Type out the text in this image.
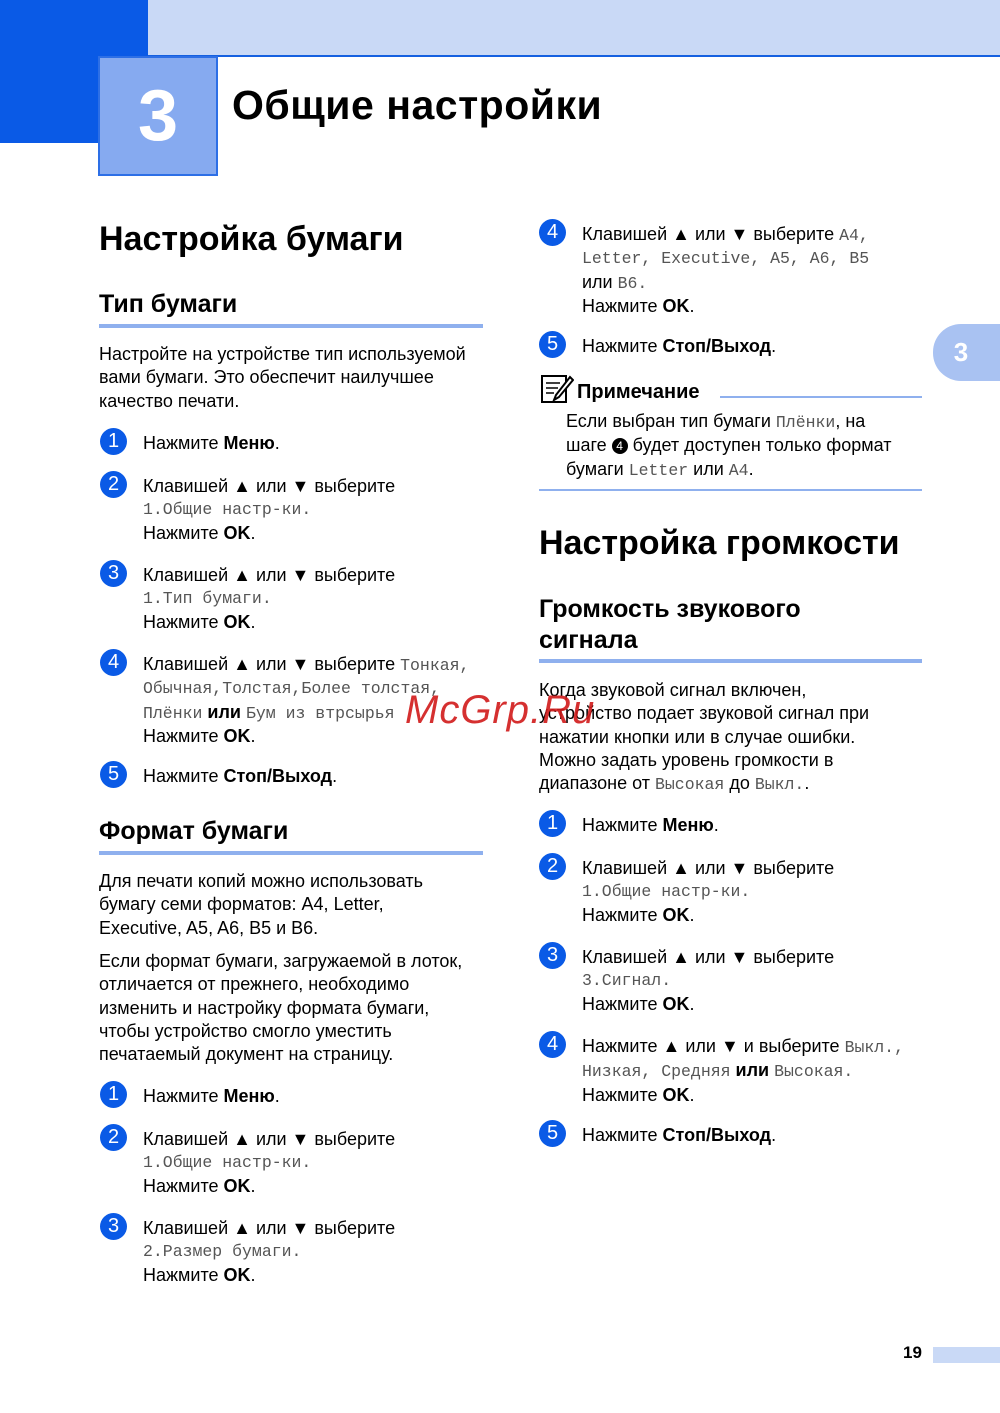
3	Общие настройки
3
Настройка бумаги
Тип бумаги
Настройте на устройстве тип используемой
вами бумаги. Это обеспечит наилучшее
качество печати.
1	Нажмите Меню.
2	Клавишей ▲ или ▼ выберите
1.Общие настр-ки.
Нажмите OK.
3	Клавишей ▲ или ▼ выберите
1.Тип бумаги.
Нажмите OK.
4	Клавишей ▲ или ▼ выберите Тонкая,
Обычная,Толстая,Более толстая,
Плёнки или Бум из втрсырья
Нажмите OK.
5	Нажмите Стоп/Выход.
Формат бумаги
Для печати копий можно использовать
бумагу семи форматов: A4, Letter,
Executive, A5, A6, B5 и B6.
Если формат бумаги, загружаемой в лоток,
отличается от прежнего, необходимо
изменить и настройку формата бумаги,
чтобы устройство смогло уместить
печатаемый документ на страницу.
1	Нажмите Меню.
2	Клавишей ▲ или ▼ выберите
1.Общие настр-ки.
Нажмите OK.
3	Клавишей ▲ или ▼ выберите
2.Размер бумаги.
Нажмите OK.
4	Клавишей ▲ или ▼ выберите A4,
Letter, Executive, A5, A6, B5
или B6.
Нажмите OK.
5	Нажмите Стоп/Выход.
Примечание
Если выбран тип бумаги Плёнки, на
шаге 4 будет доступен только формат
бумаги Letter или A4.
Настройка громкости
Громкость звукового
сигнала
Когда звуковой сигнал включен,
устройство подает звуковой сигнал при
нажатии кнопки или в случае ошибки.
Можно задать уровень громкости в
диапазоне от Высокая до Выкл..
1	Нажмите Меню.
2	Клавишей ▲ или ▼ выберите
1.Общие настр-ки.
Нажмите OK.
3	Клавишей ▲ или ▼ выберите
3.Сигнал.
Нажмите OK.
4	Нажмите ▲ или ▼ и выберите Выкл.,
Низкая, Средняя или Высокая.
Нажмите OK.
5	Нажмите Стоп/Выход.
McGrp.Ru
19
